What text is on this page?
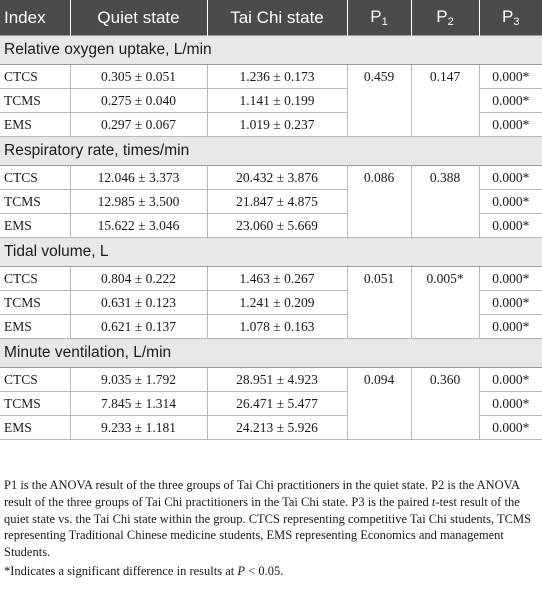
Index	Quiet state	Tai Chi state	$P_1$	$P_2$	$P_3$
Relative oxygen uptake, L/min					
CTCS	0.305 ± 0.051	1.236 ± 0.173	0.459	0.147	0.000*
TCMS	0.275 ± 0.040	1.141 ± 0.199			0.000*
EMS	0.297 ± 0.067	1.019 ± 0.237			0.000*
Respiratory rate, times/min					
CTCS	12.046 ± 3.373	20.432 ± 3.876	0.086	0.388	0.000*
TCMS	12.985 ± 3.500	21.847 ± 4.875			0.000*
EMS	15.622 ± 3.046	23.060 ± 5.669			0.000*
Tidal volume, L					
CTCS	0.804 ± 0.222	1.463 ± 0.267	0.051	0.005*	0.000*
TCMS	0.631 ± 0.123	1.241 ± 0.209			0.000*
EMS	0.621 ± 0.137	1.078 ± 0.163			0.000*
Minute ventilation, L/min					
CTCS	9.035 ± 1.792	28.951 ± 4.923	0.094	0.360	0.000*
TCMS	7.845 ± 1.314	26.471 ± 5.477			0.000*
EMS	9.233 ± 1.181	24.213 ± 5.926			0.000*

P1 is the ANOVA result of the three groups of Tai Chi practitioners in the quiet state. P2 is the ANOVA result of the three groups of Tai Chi practitioners in the Tai Chi state. P3 is the paired t-test result of the quiet state vs. the Tai Chi state within the group. CTCS representing competitive Tai Chi students, TCMS representing Traditional Chinese medicine students, EMS representing Economics and management Students.

*Indicates a significant difference in results at P < 0.05.
